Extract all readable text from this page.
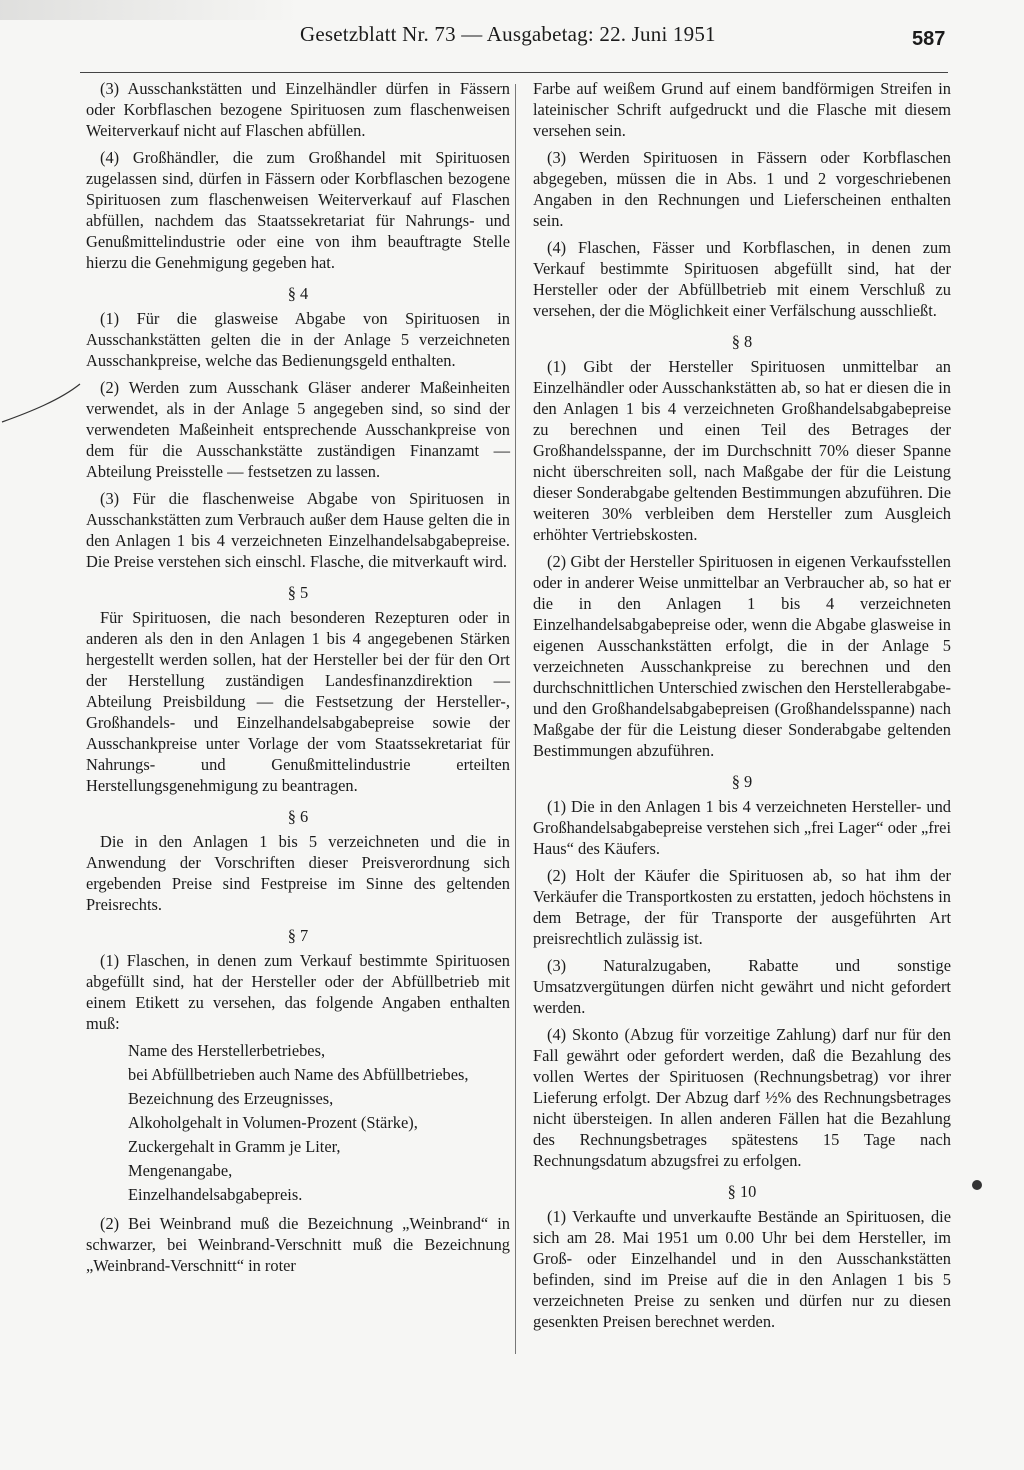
Gesetzblatt Nr. 73 — Ausgabetag: 22. Juni 1951	587

(3) Ausschankstätten und Einzelhändler dürfen in Fässern oder Korbflaschen bezogene Spirituosen zum flaschenweisen Weiterverkauf nicht auf Flaschen abfüllen.

(4) Großhändler, die zum Großhandel mit Spirituosen zugelassen sind, dürfen in Fässern oder Korbflaschen bezogene Spirituosen zum flaschenweisen Weiterverkauf auf Flaschen abfüllen, nachdem das Staatssekretariat für Nahrungs- und Genußmittelindustrie oder eine von ihm beauftragte Stelle hierzu die Genehmigung gegeben hat.

§ 4

(1) Für die glasweise Abgabe von Spirituosen in Ausschankstätten gelten die in der Anlage 5 verzeichneten Ausschankpreise, welche das Bedienungsgeld enthalten.

(2) Werden zum Ausschank Gläser anderer Maßeinheiten verwendet, als in der Anlage 5 angegeben sind, so sind der verwendeten Maßeinheit entsprechende Ausschankpreise von dem für die Ausschankstätte zuständigen Finanzamt — Abteilung Preisstelle — festsetzen zu lassen.

(3) Für die flaschenweise Abgabe von Spirituosen in Ausschankstätten zum Verbrauch außer dem Hause gelten die in den Anlagen 1 bis 4 verzeichneten Einzelhandelsabgabepreise. Die Preise verstehen sich einschl. Flasche, die mitverkauft wird.

§ 5

Für Spirituosen, die nach besonderen Rezepturen oder in anderen als den in den Anlagen 1 bis 4 angegebenen Stärken hergestellt werden sollen, hat der Hersteller bei der für den Ort der Herstellung zuständigen Landesfinanzdirektion — Abteilung Preisbildung — die Festsetzung der Hersteller-, Großhandels- und Einzelhandelsabgabepreise sowie der Ausschankpreise unter Vorlage der vom Staatssekretariat für Nahrungs- und Genußmittelindustrie erteilten Herstellungsgenehmigung zu beantragen.

§ 6

Die in den Anlagen 1 bis 5 verzeichneten und die in Anwendung der Vorschriften dieser Preisverordnung sich ergebenden Preise sind Festpreise im Sinne des geltenden Preisrechts.

§ 7

(1) Flaschen, in denen zum Verkauf bestimmte Spirituosen abgefüllt sind, hat der Hersteller oder der Abfüllbetrieb mit einem Etikett zu versehen, das folgende Angaben enthalten muß:

Name des Herstellerbetriebes,
bei Abfüllbetrieben auch Name des Abfüllbetriebes,
Bezeichnung des Erzeugnisses,
Alkoholgehalt in Volumen-Prozent (Stärke),
Zuckergehalt in Gramm je Liter,
Mengenangabe,
Einzelhandelsabgabepreis.

(2) Bei Weinbrand muß die Bezeichnung „Weinbrand“ in schwarzer, bei Weinbrand-Verschnitt muß die Bezeichnung „Weinbrand-Verschnitt“ in roter

Farbe auf weißem Grund auf einem bandförmigen Streifen in lateinischer Schrift aufgedruckt und die Flasche mit diesem versehen sein.

(3) Werden Spirituosen in Fässern oder Korbflaschen abgegeben, müssen die in Abs. 1 und 2 vorgeschriebenen Angaben in den Rechnungen und Lieferscheinen enthalten sein.

(4) Flaschen, Fässer und Korbflaschen, in denen zum Verkauf bestimmte Spirituosen abgefüllt sind, hat der Hersteller oder der Abfüllbetrieb mit einem Verschluß zu versehen, der die Möglichkeit einer Verfälschung ausschließt.

§ 8

(1) Gibt der Hersteller Spirituosen unmittelbar an Einzelhändler oder Ausschankstätten ab, so hat er diesen die in den Anlagen 1 bis 4 verzeichneten Großhandelsabgabepreise zu berechnen und einen Teil des Betrages der Großhandelsspanne, der im Durchschnitt 70% dieser Spanne nicht überschreiten soll, nach Maßgabe der für die Leistung dieser Sonderabgabe geltenden Bestimmungen abzuführen. Die weiteren 30% verbleiben dem Hersteller zum Ausgleich erhöhter Vertriebskosten.

(2) Gibt der Hersteller Spirituosen in eigenen Verkaufsstellen oder in anderer Weise unmittelbar an Verbraucher ab, so hat er die in den Anlagen 1 bis 4 verzeichneten Einzelhandelsabgabepreise oder, wenn die Abgabe glasweise in eigenen Ausschankstätten erfolgt, die in der Anlage 5 verzeichneten Ausschankpreise zu berechnen und den durchschnittlichen Unterschied zwischen den Herstellerabgabe- und den Großhandelsabgabepreisen (Großhandelsspanne) nach Maßgabe der für die Leistung dieser Sonderabgabe geltenden Bestimmungen abzuführen.

§ 9

(1) Die in den Anlagen 1 bis 4 verzeichneten Hersteller- und Großhandelsabgabepreise verstehen sich „frei Lager“ oder „frei Haus“ des Käufers.

(2) Holt der Käufer die Spirituosen ab, so hat ihm der Verkäufer die Transportkosten zu erstatten, jedoch höchstens in dem Betrage, der für Transporte der ausgeführten Art preisrechtlich zulässig ist.

(3) Naturalzugaben, Rabatte und sonstige Umsatzvergütungen dürfen nicht gewährt und nicht gefordert werden.

(4) Skonto (Abzug für vorzeitige Zahlung) darf nur für den Fall gewährt oder gefordert werden, daß die Bezahlung des vollen Wertes der Spirituosen (Rechnungsbetrag) vor ihrer Lieferung erfolgt. Der Abzug darf ½% des Rechnungsbetrages nicht übersteigen. In allen anderen Fällen hat die Bezahlung des Rechnungsbetrages spätestens 15 Tage nach Rechnungsdatum abzugsfrei zu erfolgen.

§ 10

(1) Verkaufte und unverkaufte Bestände an Spirituosen, die sich am 28. Mai 1951 um 0.00 Uhr bei dem Hersteller, im Groß- oder Einzelhandel und in den Ausschankstätten befinden, sind im Preise auf die in den Anlagen 1 bis 5 verzeichneten Preise zu senken und dürfen nur zu diesen gesenkten Preisen berechnet werden.
